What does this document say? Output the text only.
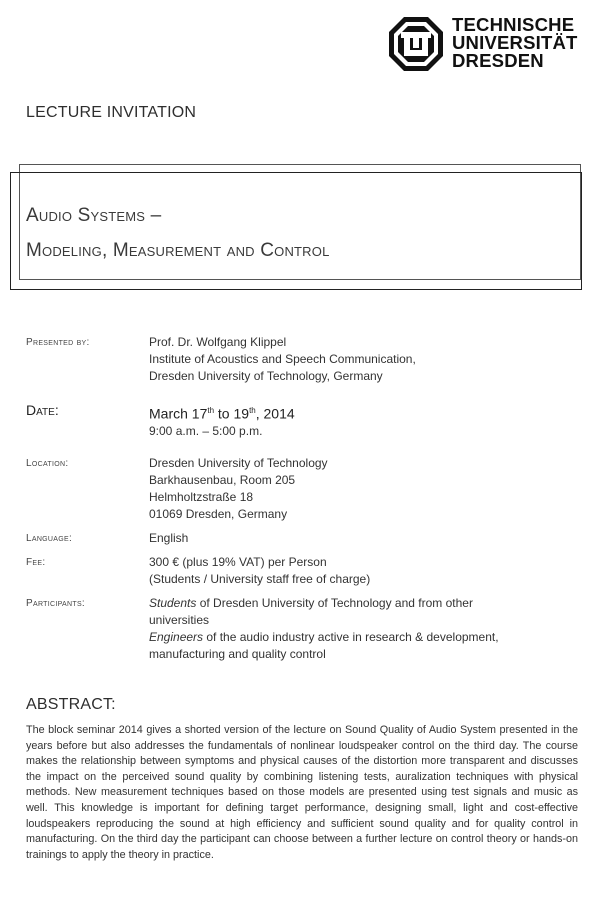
TECHNISCHE
UNIVERSITÄT
DRESDEN
LECTURE INVITATION
Audio Systems –
Modeling, Measurement and Control
Presented by:	Prof. Dr. Wolfgang Klippel
Institute of Acoustics and Speech Communication,
Dresden University of Technology, Germany
Date:	March 17th to 19th, 2014
9:00 a.m. – 5:00 p.m.
Location:	Dresden University of Technology
Barkhausenbau, Room 205
Helmholtzstraße 18
01069 Dresden, Germany
Language:	English
Fee:	300 € (plus 19% VAT) per Person
(Students / University staff free of charge)
Participants:	Students of Dresden University of Technology and from other
universities
Engineers of the audio industry active in research & development,
manufacturing and quality control
ABSTRACT:
The block seminar 2014 gives a shorted version of the lecture on Sound Quality of Audio System presented in the years before but also addresses the fundamentals of nonlinear loudspeaker control on the third day. The course makes the relationship between symptoms and physical causes of the distortion more transparent and discusses the impact on the perceived sound quality by combining listening tests, auralization techniques with physical methods. New measurement techniques based on those models are presented using test signals and music as well. This knowledge is important for defining target performance, designing small, light and cost-effective loudspeakers reproducing the sound at high efficiency and sufficient sound quality and for quality control in manufacturing. On the third day the participant can choose between a further lecture on control theory or hands-on trainings to apply the theory in practice.
